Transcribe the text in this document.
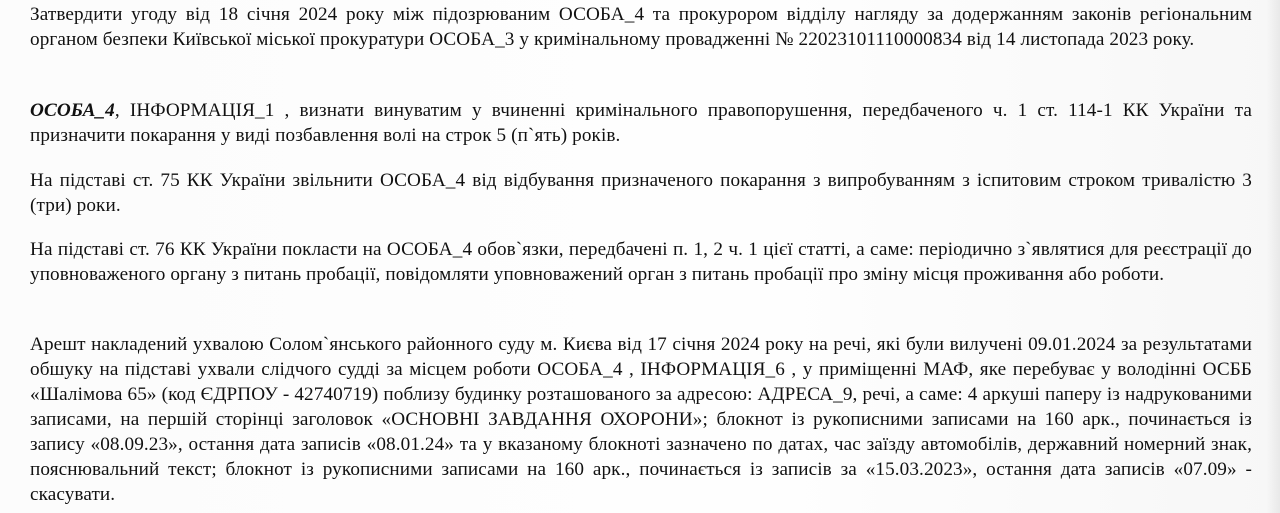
Затвердити угоду від 18 січня 2024 року між підозрюваним ОСОБА_4 та прокурором відділу нагляду за додержанням законів регіональним органом безпеки Київської міської прокуратури ОСОБА_3 у кримінальному провадженні № 22023101110000834 від 14 листопада 2023 року.

ОСОБА_4, ІНФОРМАЦІЯ_1 , визнати винуватим у вчиненні кримінального правопорушення, передбаченого ч. 1 ст. 114-1 КК України та призначити покарання у виді позбавлення волі на строк 5 (п`ять) років.

На підставі ст. 75 КК України звільнити ОСОБА_4 від відбування призначеного покарання з випробуванням з іспитовим строком тривалістю 3 (три) роки.

На підставі ст. 76 КК України покласти на ОСОБА_4 обов`язки, передбачені п. 1, 2 ч. 1 цієї статті, а саме: періодично з`являтися для реєстрації до уповноваженого органу з питань пробації, повідомляти уповноважений орган з питань пробації про зміну місця проживання або роботи.

Арешт накладений ухвалою Солом`янського районного суду м. Києва від 17 січня 2024 року на речі, які були вилучені 09.01.2024 за результатами обшуку на підставі ухвали слідчого судді за місцем роботи ОСОБА_4 , ІНФОРМАЦІЯ_6 , у приміщенні МАФ, яке перебуває у володінні ОСББ «Шалімова 65» (код ЄДРПОУ - 42740719) поблизу будинку розташованого за адресою: АДРЕСА_9, речі, а саме: 4 аркуші паперу із надрукованими записами, на першій сторінці заголовок «ОСНОВНІ ЗАВДАННЯ ОХОРОНИ»; блокнот із рукописними записами на 160 арк., починається із запису «08.09.23», остання дата записів «08.01.24» та у вказаному блокноті зазначено по датах, час заїзду автомобілів, державний номерний знак, пояснювальний текст; блокнот із рукописними записами на 160 арк., починається із записів за «15.03.2023», остання дата записів «07.09» - скасувати.
